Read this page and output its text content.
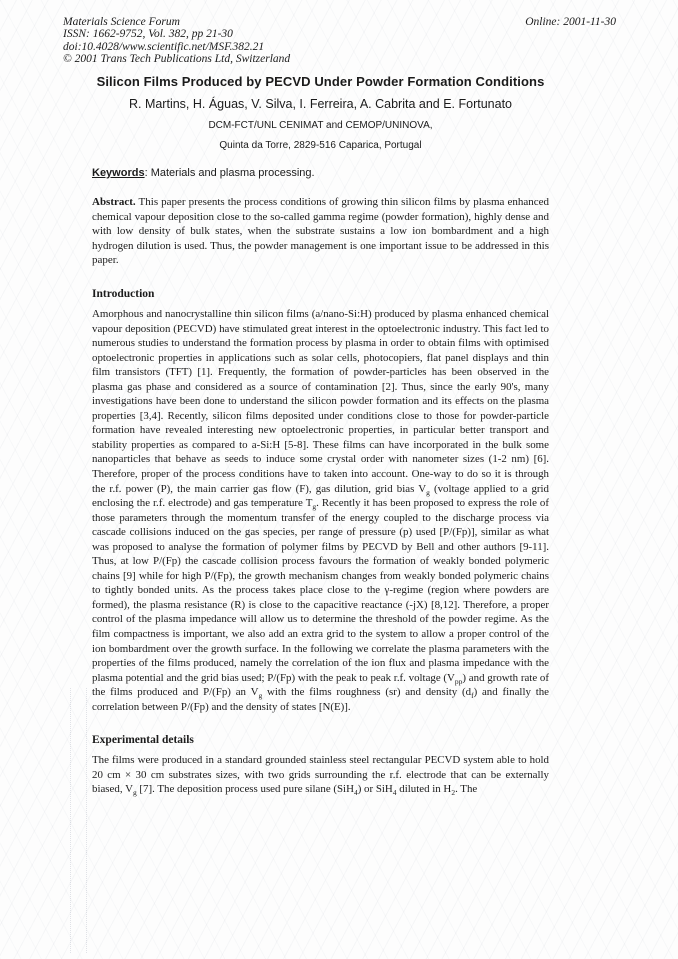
Materials Science Forum
ISSN: 1662-9752, Vol. 382, pp 21-30
doi:10.4028/www.scientific.net/MSF.382.21
© 2001 Trans Tech Publications Ltd, Switzerland
Online: 2001-11-30
Silicon Films Produced by PECVD Under Powder Formation Conditions
R. Martins, H. Águas, V. Silva, I. Ferreira, A. Cabrita and E. Fortunato
DCM-FCT/UNL CENIMAT and CEMOP/UNINOVA,
Quinta da Torre, 2829-516 Caparica, Portugal

Keywords: Materials and plasma processing.

Abstract. This paper presents the process conditions of growing thin silicon films by plasma enhanced chemical vapour deposition close to the so-called gamma regime (powder formation), highly dense and with low density of bulk states, when the substrate sustains a low ion bombardment and a high hydrogen dilution is used. Thus, the powder management is one important issue to be addressed in this paper.

Introduction

Amorphous and nanocrystalline thin silicon films (a/nano-Si:H) produced by plasma enhanced chemical vapour deposition (PECVD) have stimulated great interest in the optoelectronic industry. This fact led to numerous studies to understand the formation process by plasma in order to obtain films with optimised optoelectronic properties in applications such as solar cells, photocopiers, flat panel displays and thin film transistors (TFT) [1]. Frequently, the formation of powder-particles has been observed in the plasma gas phase and considered as a source of contamination [2]. Thus, since the early 90's, many investigations have been done to understand the silicon powder formation and its effects on the plasma properties [3,4]. Recently, silicon films deposited under conditions close to those for powder-particle formation have revealed interesting new optoelectronic properties, in particular better transport and stability properties as compared to a-Si:H [5-8]. These films can have incorporated in the bulk some nanoparticles that behave as seeds to induce some crystal order with nanometer sizes (1-2 nm) [6]. Therefore, proper of the process conditions have to taken into account. One-way to do so it is through the r.f. power (P), the main carrier gas flow (F), gas dilution, grid bias $V_g$ (voltage applied to a grid enclosing the r.f. electrode) and gas temperature $T_g$. Recently it has been proposed to express the role of those parameters through the momentum transfer of the energy coupled to the discharge process via cascade collisions induced on the gas species, per range of pressure (p) used [P/(Fp)], similar as what was proposed to analyse the formation of polymer films by PECVD by Bell and other authors [9-11]. Thus, at low P/(Fp) the cascade collision process favours the formation of weakly bonded polymeric chains [9] while for high P/(Fp), the growth mechanism changes from weakly bonded polymeric chains to tightly bonded units. As the process takes place close to the γ-regime (region where powders are formed), the plasma resistance (R) is close to the capacitive reactance (-jX) [8,12]. Therefore, a proper control of the plasma impedance will allow us to determine the threshold of the powder regime. As the film compactness is important, we also add an extra grid to the system to allow a proper control of the ion bombardment over the growth surface. In the following we correlate the plasma parameters with the properties of the films produced, namely the correlation of the ion flux and plasma impedance with the plasma potential and the grid bias used; P/(Fp) with the peak to peak r.f. voltage $(V_{pp})$ and growth rate of the films produced and P/(Fp) an $V_g$ with the films roughness (sr) and density $(d_f)$ and finally the correlation between P/(Fp) and the density of states [N(E)].

Experimental details

The films were produced in a standard grounded stainless steel rectangular PECVD system able to hold 20 cm × 30 cm substrates sizes, with two grids surrounding the r.f. electrode that can be externally biased, $V_g$ [7]. The deposition process used pure silane (SiH$_4$) or SiH$_4$ diluted in $H_2$. The
